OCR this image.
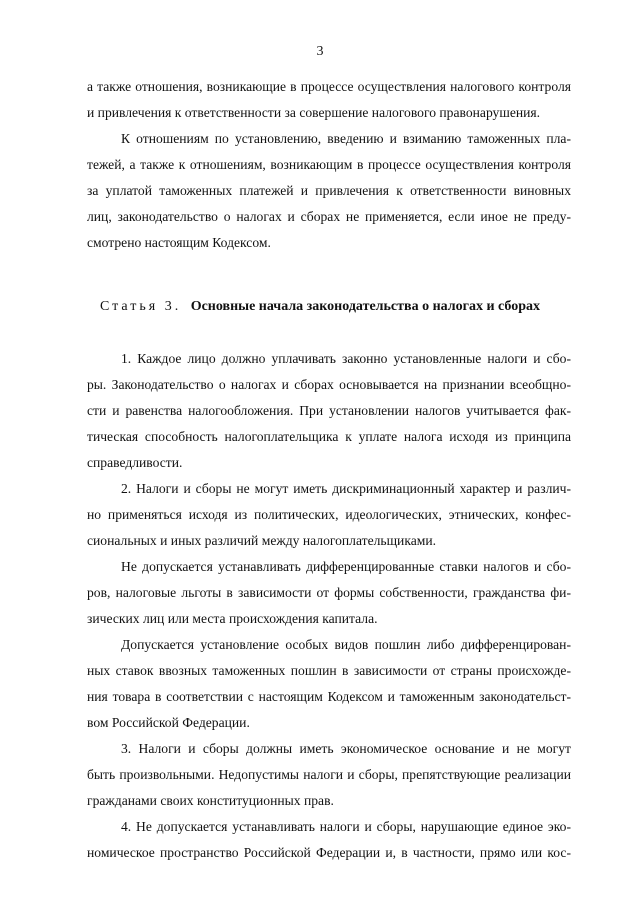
3
а также отношения, возникающие в процессе осуществления налогового контроля
и привлечения к ответственности за совершение налогового правонарушения.
К отношениям по установлению, введению и взиманию таможенных пла-
тежей, а также к отношениям, возникающим в процессе осуществления контроля
за уплатой таможенных платежей и привлечения к ответственности виновных
лиц, законодательство о налогах и сборах не применяется, если иное не преду-
смотрено настоящим Кодексом.
Статья 3. Основные начала законодательства о налогах и сборах
1. Каждое лицо должно уплачивать законно установленные налоги и сбо-
ры. Законодательство о налогах и сборах основывается на признании всеобщно-
сти и равенства налогообложения. При установлении налогов учитывается фак-
тическая способность налогоплательщика к уплате налога исходя из принципа
справедливости.
2. Налоги и сборы не могут иметь дискриминационный характер и различ-
но применяться исходя из политических, идеологических, этнических, конфес-
сиональных и иных различий между налогоплательщиками.
Не допускается устанавливать дифференцированные ставки налогов и сбо-
ров, налоговые льготы в зависимости от формы собственности, гражданства фи-
зических лиц или места происхождения капитала.
Допускается установление особых видов пошлин либо дифференцирован-
ных ставок ввозных таможенных пошлин в зависимости от страны происхожде-
ния товара в соответствии с настоящим Кодексом и таможенным законодательст-
вом Российской Федерации.
3. Налоги и сборы должны иметь экономическое основание и не могут
быть произвольными. Недопустимы налоги и сборы, препятствующие реализации
гражданами своих конституционных прав.
4. Не допускается устанавливать налоги и сборы, нарушающие единое эко-
номическое пространство Российской Федерации и, в частности, прямо или кос-
